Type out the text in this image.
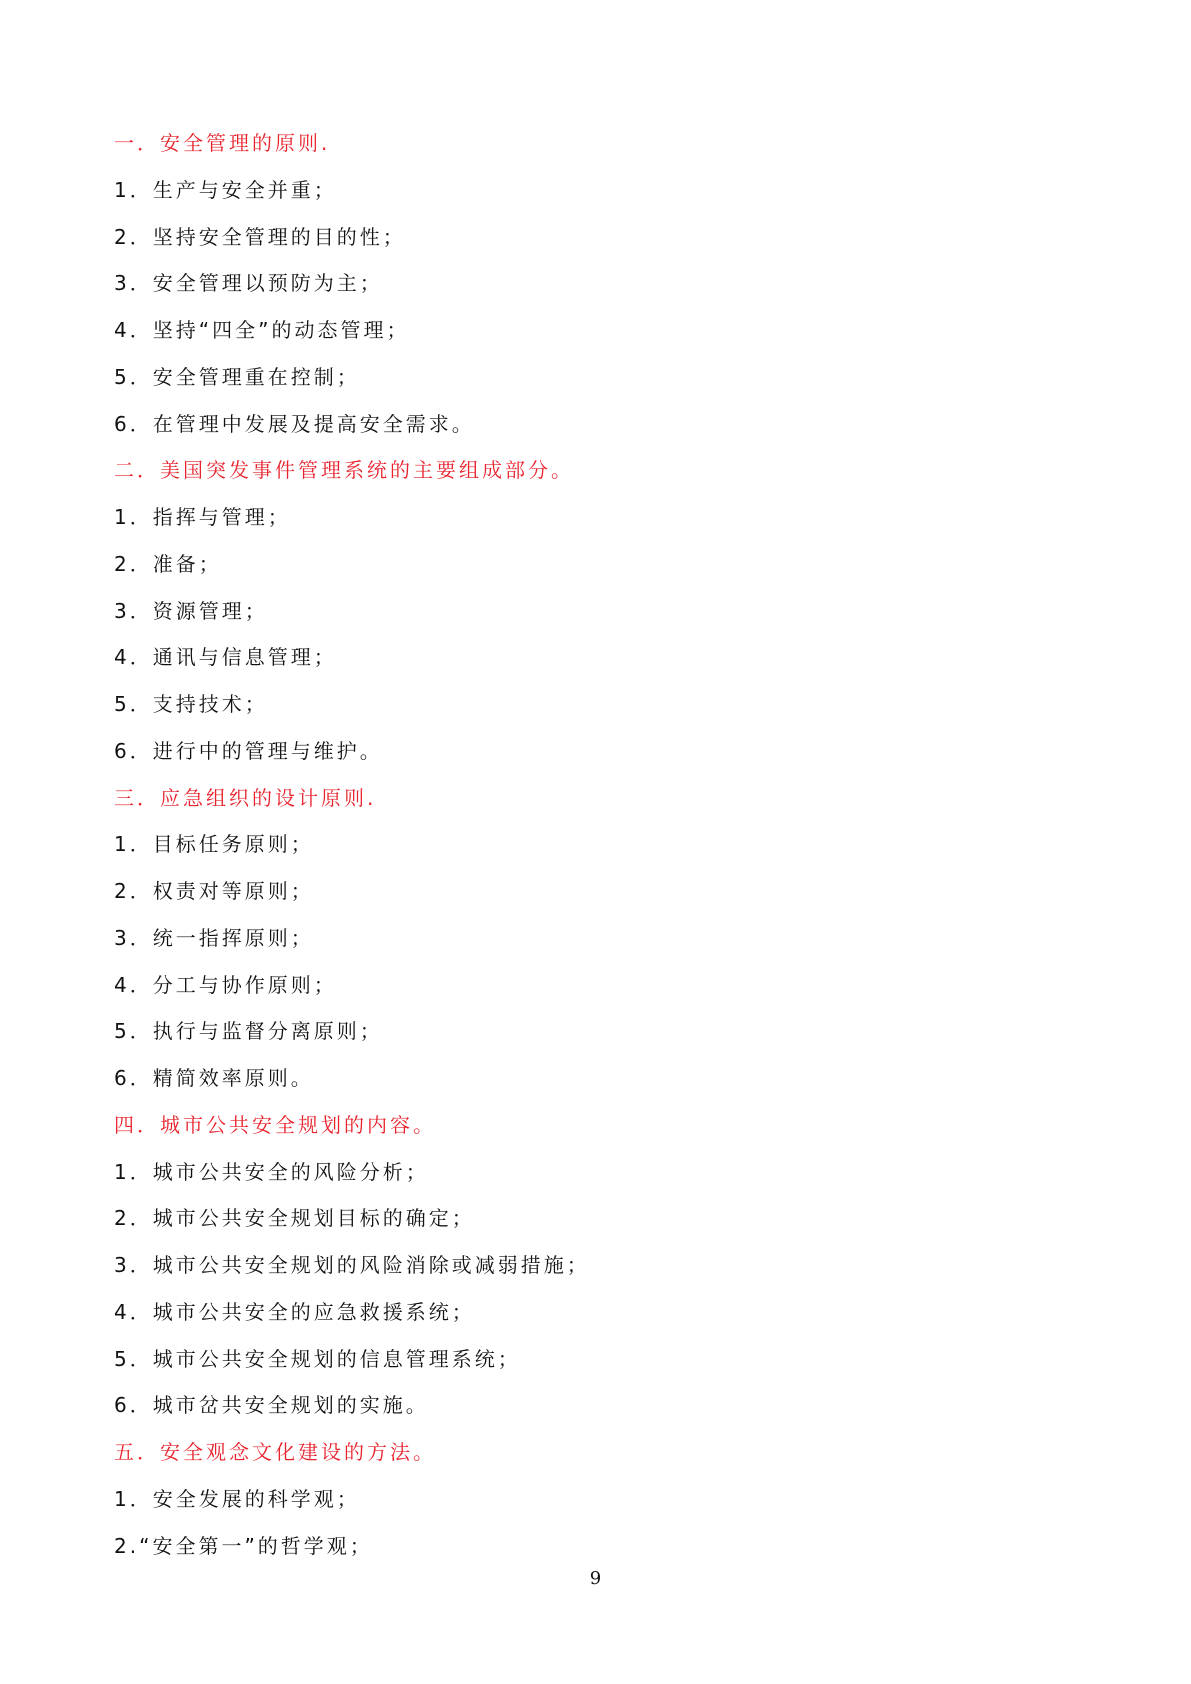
一．安全管理的原则.
1．生产与安全并重；
2．坚持安全管理的目的性；
3．安全管理以预防为主；
4．坚持“四全”的动态管理；
5．安全管理重在控制；
6．在管理中发展及提高安全需求。
二．美国突发事件管理系统的主要组成部分。
1．指挥与管理；
2．准备；
3．资源管理；
4．通讯与信息管理；
5．支持技术；
6．进行中的管理与维护。
三．应急组织的设计原则.
1．目标任务原则；
2．权责对等原则；
3．统一指挥原则；
4．分工与协作原则；
5．执行与监督分离原则；
6．精简效率原则。
四．城市公共安全规划的内容。
1．城市公共安全的风险分析；
2．城市公共安全规划目标的确定；
3．城市公共安全规划的风险消除或减弱措施；
4．城市公共安全的应急救援系统；
5．城市公共安全规划的信息管理系统；
6．城市岔共安全规划的实施。
五．安全观念文化建设的方法。
1．安全发展的科学观；
2.“安全第一”的哲学观；
9
